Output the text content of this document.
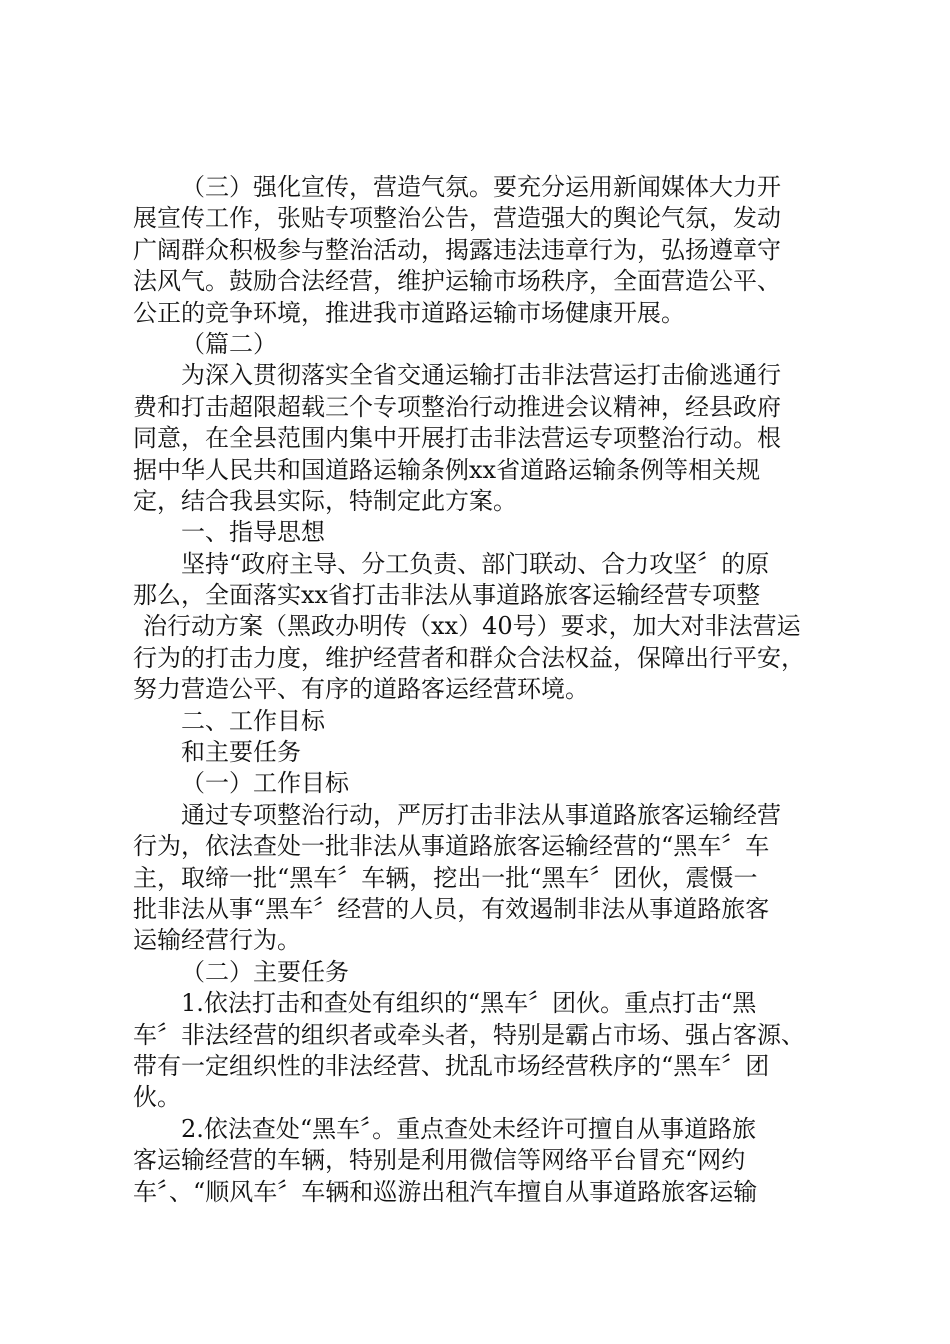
（三）强化宣传，营造气氛。要充分运用新闻媒体大力开
展宣传工作，张贴专项整治公告，营造强大的舆论气氛，发动
广阔群众积极参与整治活动，揭露违法违章行为，弘扬遵章守
法风气。鼓励合法经营，维护运输市场秩序，全面营造公平、
公正的竞争环境，推进我市道路运输市场健康开展。
（篇二）
为深入贯彻落实全省交通运输打击非法营运打击偷逃通行
费和打击超限超载三个专项整治行动推进会议精神，经县政府
同意，在全县范围内集中开展打击非法营运专项整治行动。根
据中华人民共和国道路运输条例xx省道路运输条例等相关规
定，结合我县实际，特制定此方案。
一、指导思想
坚持“政府主导、分工负责、部门联动、合力攻坚〞的原
那么，全面落实xx省打击非法从事道路旅客运输经营专项整
治行动方案（黑政办明传（xx）40号）要求，加大对非法营运
行为的打击力度，维护经营者和群众合法权益，保障出行平安，
努力营造公平、有序的道路客运经营环境。
二、工作目标
和主要任务
（一）工作目标
通过专项整治行动，严厉打击非法从事道路旅客运输经营
行为，依法查处一批非法从事道路旅客运输经营的“黑车〞车
主，取缔一批“黑车〞车辆，挖出一批“黑车〞团伙，震慑一
批非法从事“黑车〞经营的人员，有效遏制非法从事道路旅客
运输经营行为。
（二）主要任务
1.依法打击和查处有组织的“黑车〞团伙。重点打击“黑
车〞非法经营的组织者或牵头者，特别是霸占市场、强占客源、
带有一定组织性的非法经营、扰乱市场经营秩序的“黑车〞团
伙。
2.依法查处“黑车〞。重点查处未经许可擅自从事道路旅
客运输经营的车辆，特别是利用微信等网络平台冒充“网约
车〞、“顺风车〞车辆和巡游出租汽车擅自从事道路旅客运输
